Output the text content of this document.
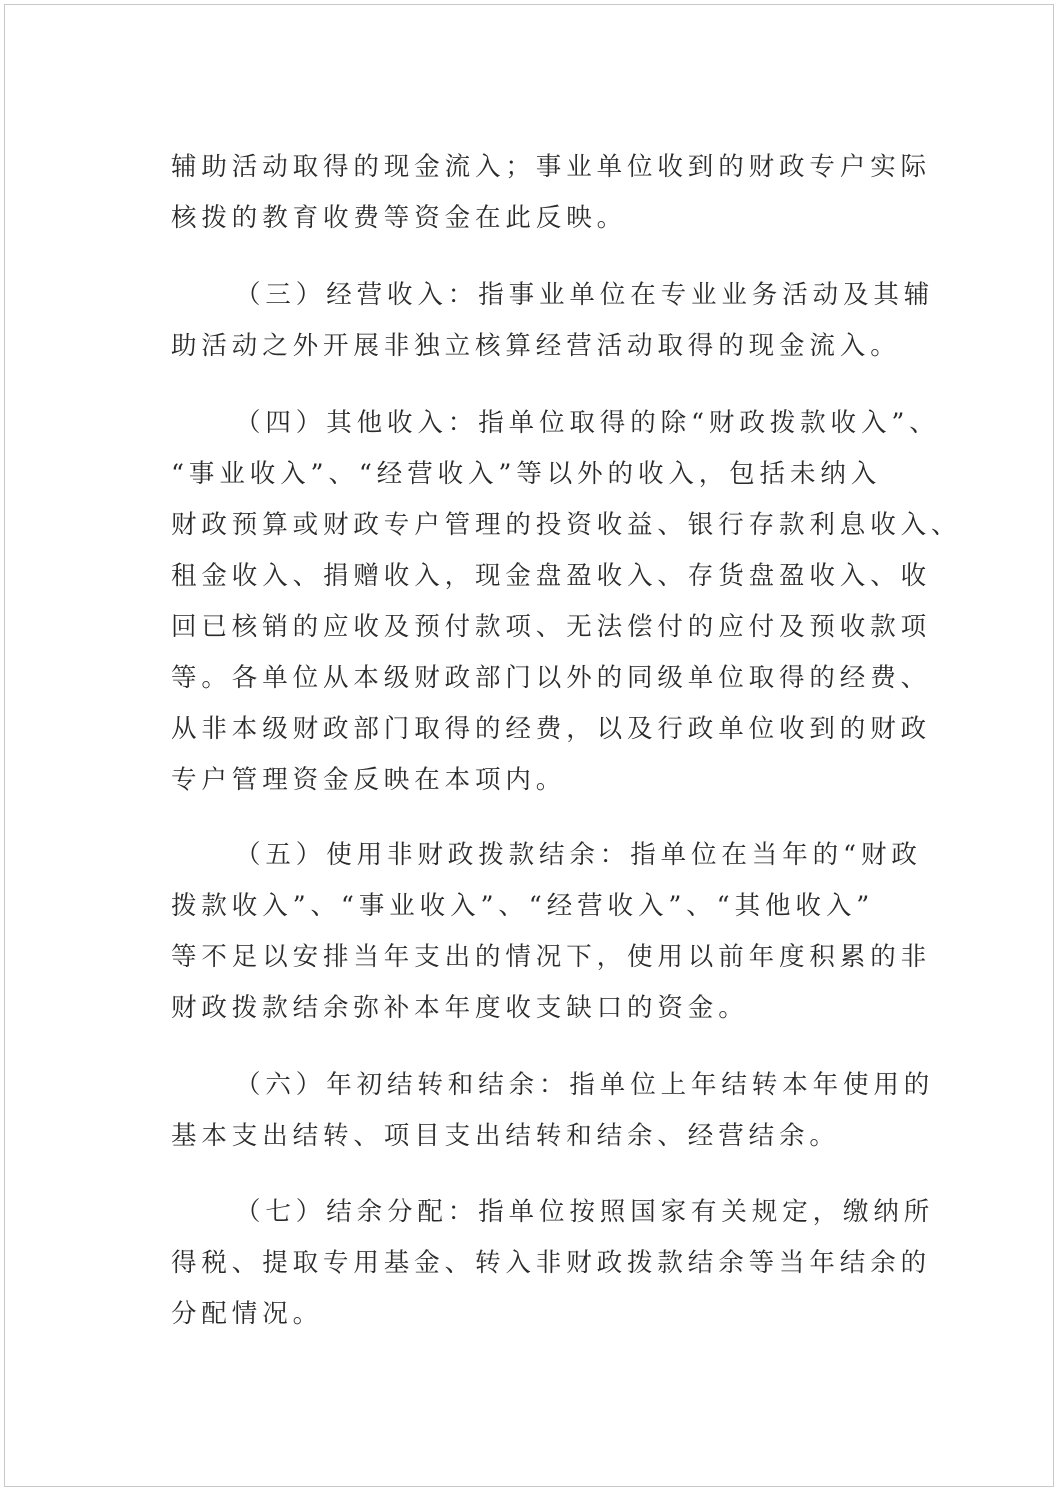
辅助活动取得的现金流入；事业单位收到的财政专户实际
核拨的教育收费等资金在此反映。
（三）经营收入：指事业单位在专业业务活动及其辅
助活动之外开展非独立核算经营活动取得的现金流入。
（四）其他收入：指单位取得的除“财政拨款收入”、
“事业收入”、“经营收入”等以外的收入，包括未纳入
财政预算或财政专户管理的投资收益、银行存款利息收入、
租金收入、捐赠收入，现金盘盈收入、存货盘盈收入、收
回已核销的应收及预付款项、无法偿付的应付及预收款项
等。各单位从本级财政部门以外的同级单位取得的经费、
从非本级财政部门取得的经费，以及行政单位收到的财政
专户管理资金反映在本项内。
（五）使用非财政拨款结余：指单位在当年的“财政
拨款收入”、“事业收入”、“经营收入”、“其他收入”
等不足以安排当年支出的情况下，使用以前年度积累的非
财政拨款结余弥补本年度收支缺口的资金。
（六）年初结转和结余：指单位上年结转本年使用的
基本支出结转、项目支出结转和结余、经营结余。
（七）结余分配：指单位按照国家有关规定，缴纳所
得税、提取专用基金、转入非财政拨款结余等当年结余的
分配情况。
